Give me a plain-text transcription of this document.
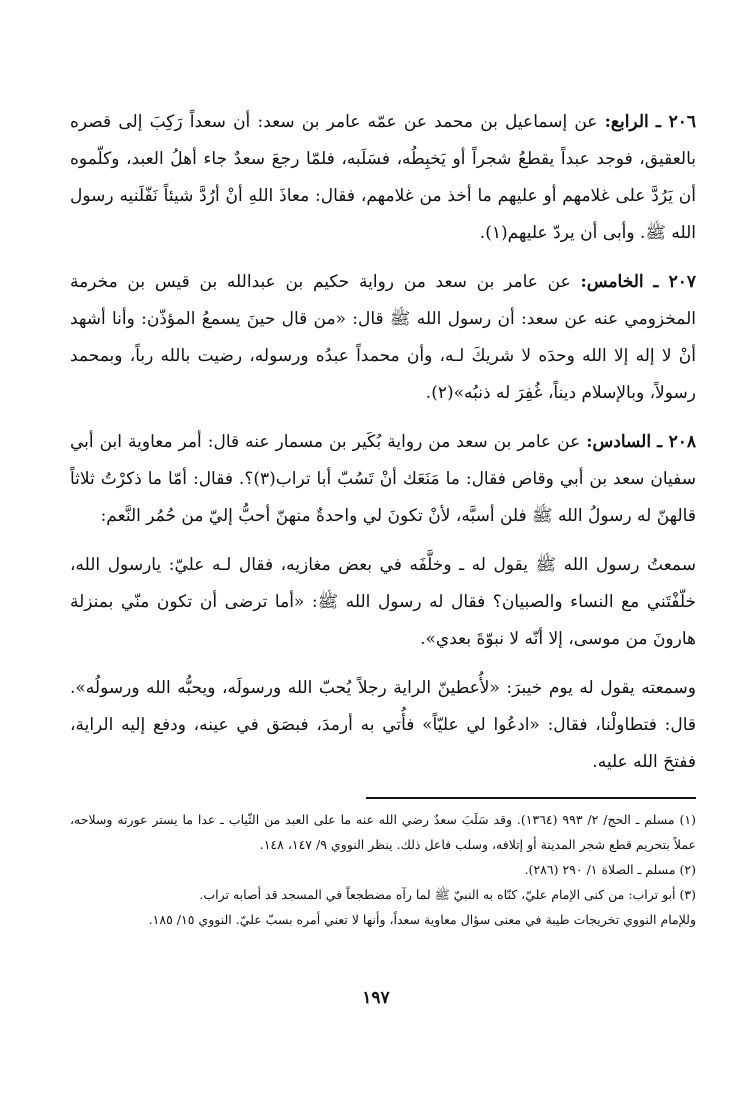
٢٠٦ ـ الرابع: عن إسماعيل بن محمد عن عمّه عامر بن سعد: أن سعداً رَكِبَ إلى قصره بالعقيق، فوجد عبداً يقطعُ شجراً أو يَخبِطُه، فسَلَبه، فلمّا رجعَ سعدٌ جاء أهلُ العبد، وكلّموه أن يَرُدَّ على غلامهم أو عليهم ما أخذ من غلامهم، فقال: معاذَ اللهِ أنْ أرُدَّ شيئاً نَفّلَنيه رسول الله ﷺ. وأبى أن يردّ عليهم(١).

٢٠٧ ـ الخامس: عن عامر بن سعد من رواية حكيم بن عبدالله بن قيس بن مخرمة المخزومي عنه عن سعد: أن رسول الله ﷺ قال: «من قال حينَ يسمعُ المؤذّن: وأنا أشهد أنْ لا إله إلا الله وحدَه لا شريكَ لـه، وأن محمداً عبدُه ورسوله، رضيت بالله رباً، وبمحمد رسولاً، وبالإسلام ديناً، غُفِرَ له ذنبُه»(٢).

٢٠٨ ـ السادس: عن عامر بن سعد من رواية بُكَير بن مسمار عنه قال: أمر معاوية ابن أبي سفيان سعد بن أبي وقاص فقال: ما مَنَعَك أنْ تَسُبّ أبا تراب(٣)؟. فقال: أمّا ما ذكرْتُ ثلاثاً قالهنّ له رسولُ الله ﷺ فلن أسبَّه، لأنْ تكونَ لي واحدةٌ منهنّ أحبُّ إليّ من حُمُر النَّعم:

سمعتُ رسول الله ﷺ يقول له ـ وخلَّفَه في بعض مغازيه، فقال لـه عليّ: يارسول الله، خلّفْتَني مع النساء والصبيان؟ فقال له رسول الله ﷺ: «أما ترضى أن تكون منّي بمنزلة هارونَ من موسى، إلا أنّه لا نبوّةَ بعدي».

وسمعته يقول له يوم خيبرَ: «لأُعطينّ الراية رجلاً يُحبّ الله ورسولَه، ويحبُّه الله ورسولُه». قال: فتطاولْنا، فقال: «ادعُوا لي عليّاً» فأُتي به أرمدَ، فبصَق في عينه، ودفع إليه الراية، ففتحَ الله عليه.

(١) مسلم ـ الحج/ ٢/ ٩٩٣ (١٣٦٤). وقد سَلَبَ سعدٌ رضي الله عنه ما على العبد من الثّياب ـ عدا ما يستر عورته وسلاحه، عملاً بتحريم قطع شجر المدينة أو إتلافه، وسلب فاعل ذلك. ينظر النووي ٩/ ١٤٧، ١٤٨.

(٢) مسلم ـ الصلاة ١/ ٢٩٠ (٢٨٦).

(٣) أبو تراب: من كنى الإمام عليّ، كنّاه به النبيّ ﷺ لما رآه مضطجعاً في المسجد قد أصابه تراب.

وللإمام النووي تخريجات طيبة في معنى سؤال معاوية سعداً، وأنها لا تعني أمره بسبّ عليّ. النووي ١٥/ ١٨٥.

١٩٧
